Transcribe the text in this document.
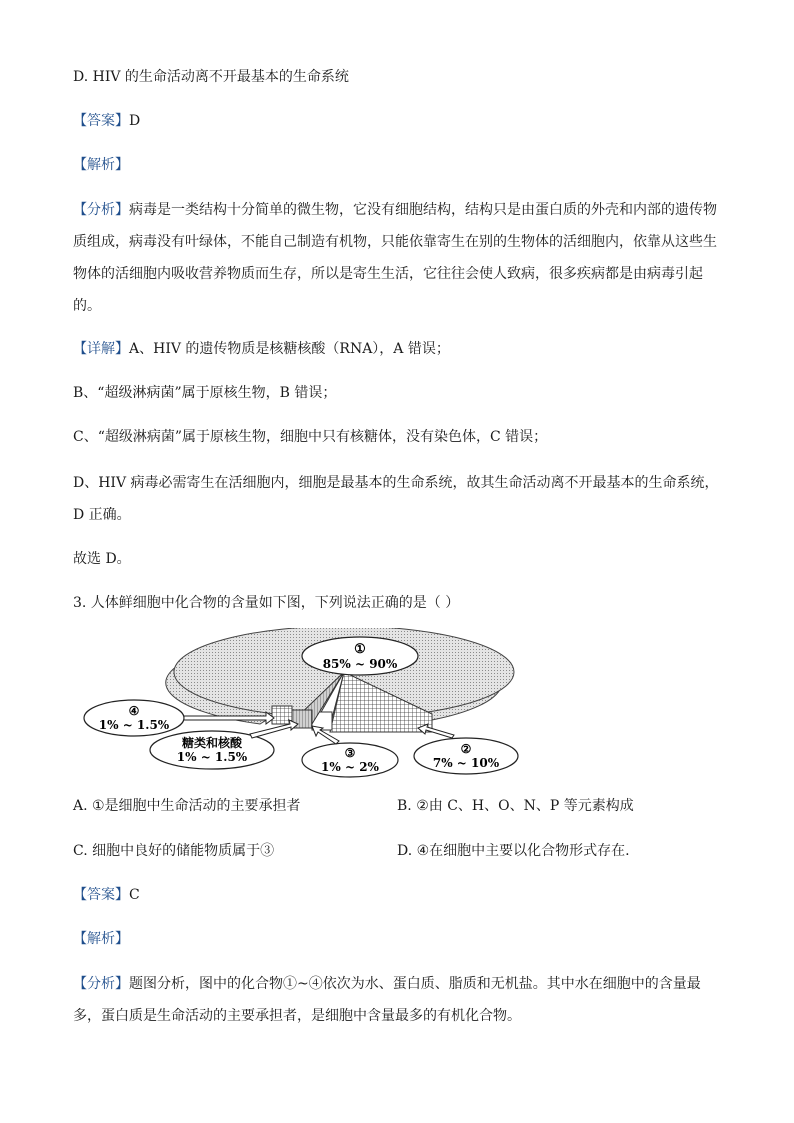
D. HIV 的生命活动离不开最基本的生命系统
【答案】D
【解析】
【分析】病毒是一类结构十分简单的微生物，它没有细胞结构，结构只是由蛋白质的外壳和内部的遗传物质组成，病毒没有叶绿体，不能自己制造有机物，只能依靠寄生在别的生物体的活细胞内，依靠从这些生物体的活细胞内吸收营养物质而生存，所以是寄生生活，它往往会使人致病，很多疾病都是由病毒引起的。
【详解】A、HIV 的遗传物质是核糖核酸（RNA），A 错误；
B、“超级淋病菌”属于原核生物，B 错误；
C、“超级淋病菌”属于原核生物，细胞中只有核糖体，没有染色体，C 错误；
D、HIV 病毒必需寄生在活细胞内，细胞是最基本的生命系统，故其生命活动离不开最基本的生命系统，D 正确。
故选 D。
3. 人体鲜细胞中化合物的含量如下图，下列说法正确的是（ ）
①
85% ~ 90%
④
1% ~ 1.5%
糖类和核酸
1% ~ 1.5%	③
1% ~ 2%
②
7% ~ 10%
A. ①是细胞中生命活动的主要承担者	B. ②由 C、H、O、N、P 等元素构成
C. 细胞中良好的储能物质属于③	D. ④在细胞中主要以化合物形式存在.
【答案】C
【解析】
【分析】题图分析，图中的化合物①~④依次为水、蛋白质、脂质和无机盐。其中水在细胞中的含量最多，蛋白质是生命活动的主要承担者，是细胞中含量最多的有机化合物。
